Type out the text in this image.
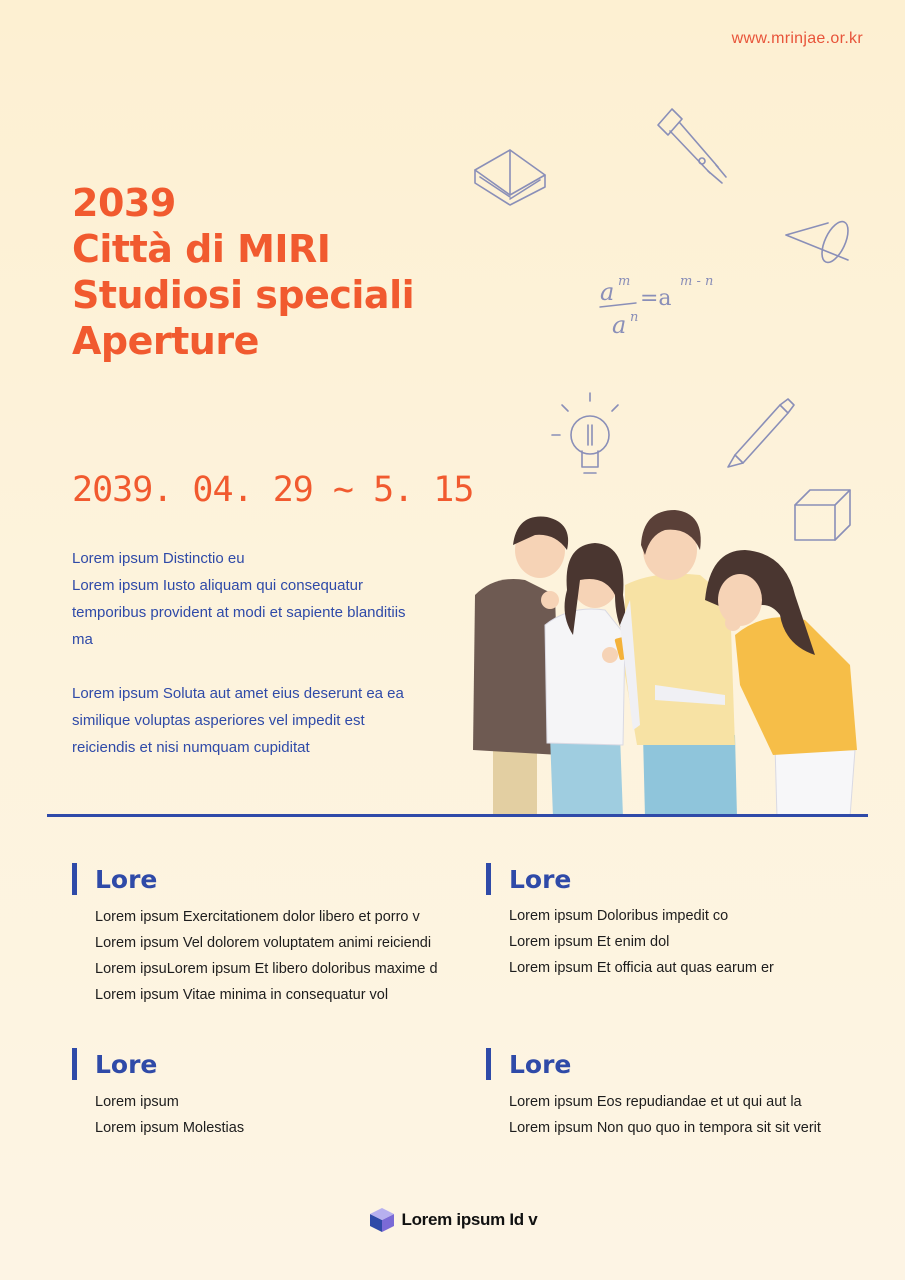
www.mrinjae.or.kr
2039
Città di MIRI
Studiosi speciali
Aperture
a m
a n
=a
m - n
2039. 04. 29 ~ 5. 15

Lorem ipsum Distinctio eu
Lorem ipsum Iusto aliquam qui consequatur
temporibus provident at modi et sapiente blanditiis
ma

Lorem ipsum Soluta aut amet eius deserunt ea ea
similique voluptas asperiores vel impedit est
reiciendis et nisi numquam cupiditat

Lore
Lorem ipsum Exercitationem dolor libero et porro v
Lorem ipsum Vel dolorem voluptatem animi reiciendi
Lorem ipsuLorem ipsum Et libero doloribus maxime d
Lorem ipsum Vitae minima in consequatur vol
Lore
Lorem ipsum Doloribus impedit co
Lorem ipsum Et enim dol
Lorem ipsum Et officia aut quas earum er
Lore
Lorem ipsum
Lorem ipsum Molestias
Lore
Lorem ipsum Eos repudiandae et ut qui aut la
Lorem ipsum Non quo quo in tempora sit sit verit
Lorem ipsum Id v
